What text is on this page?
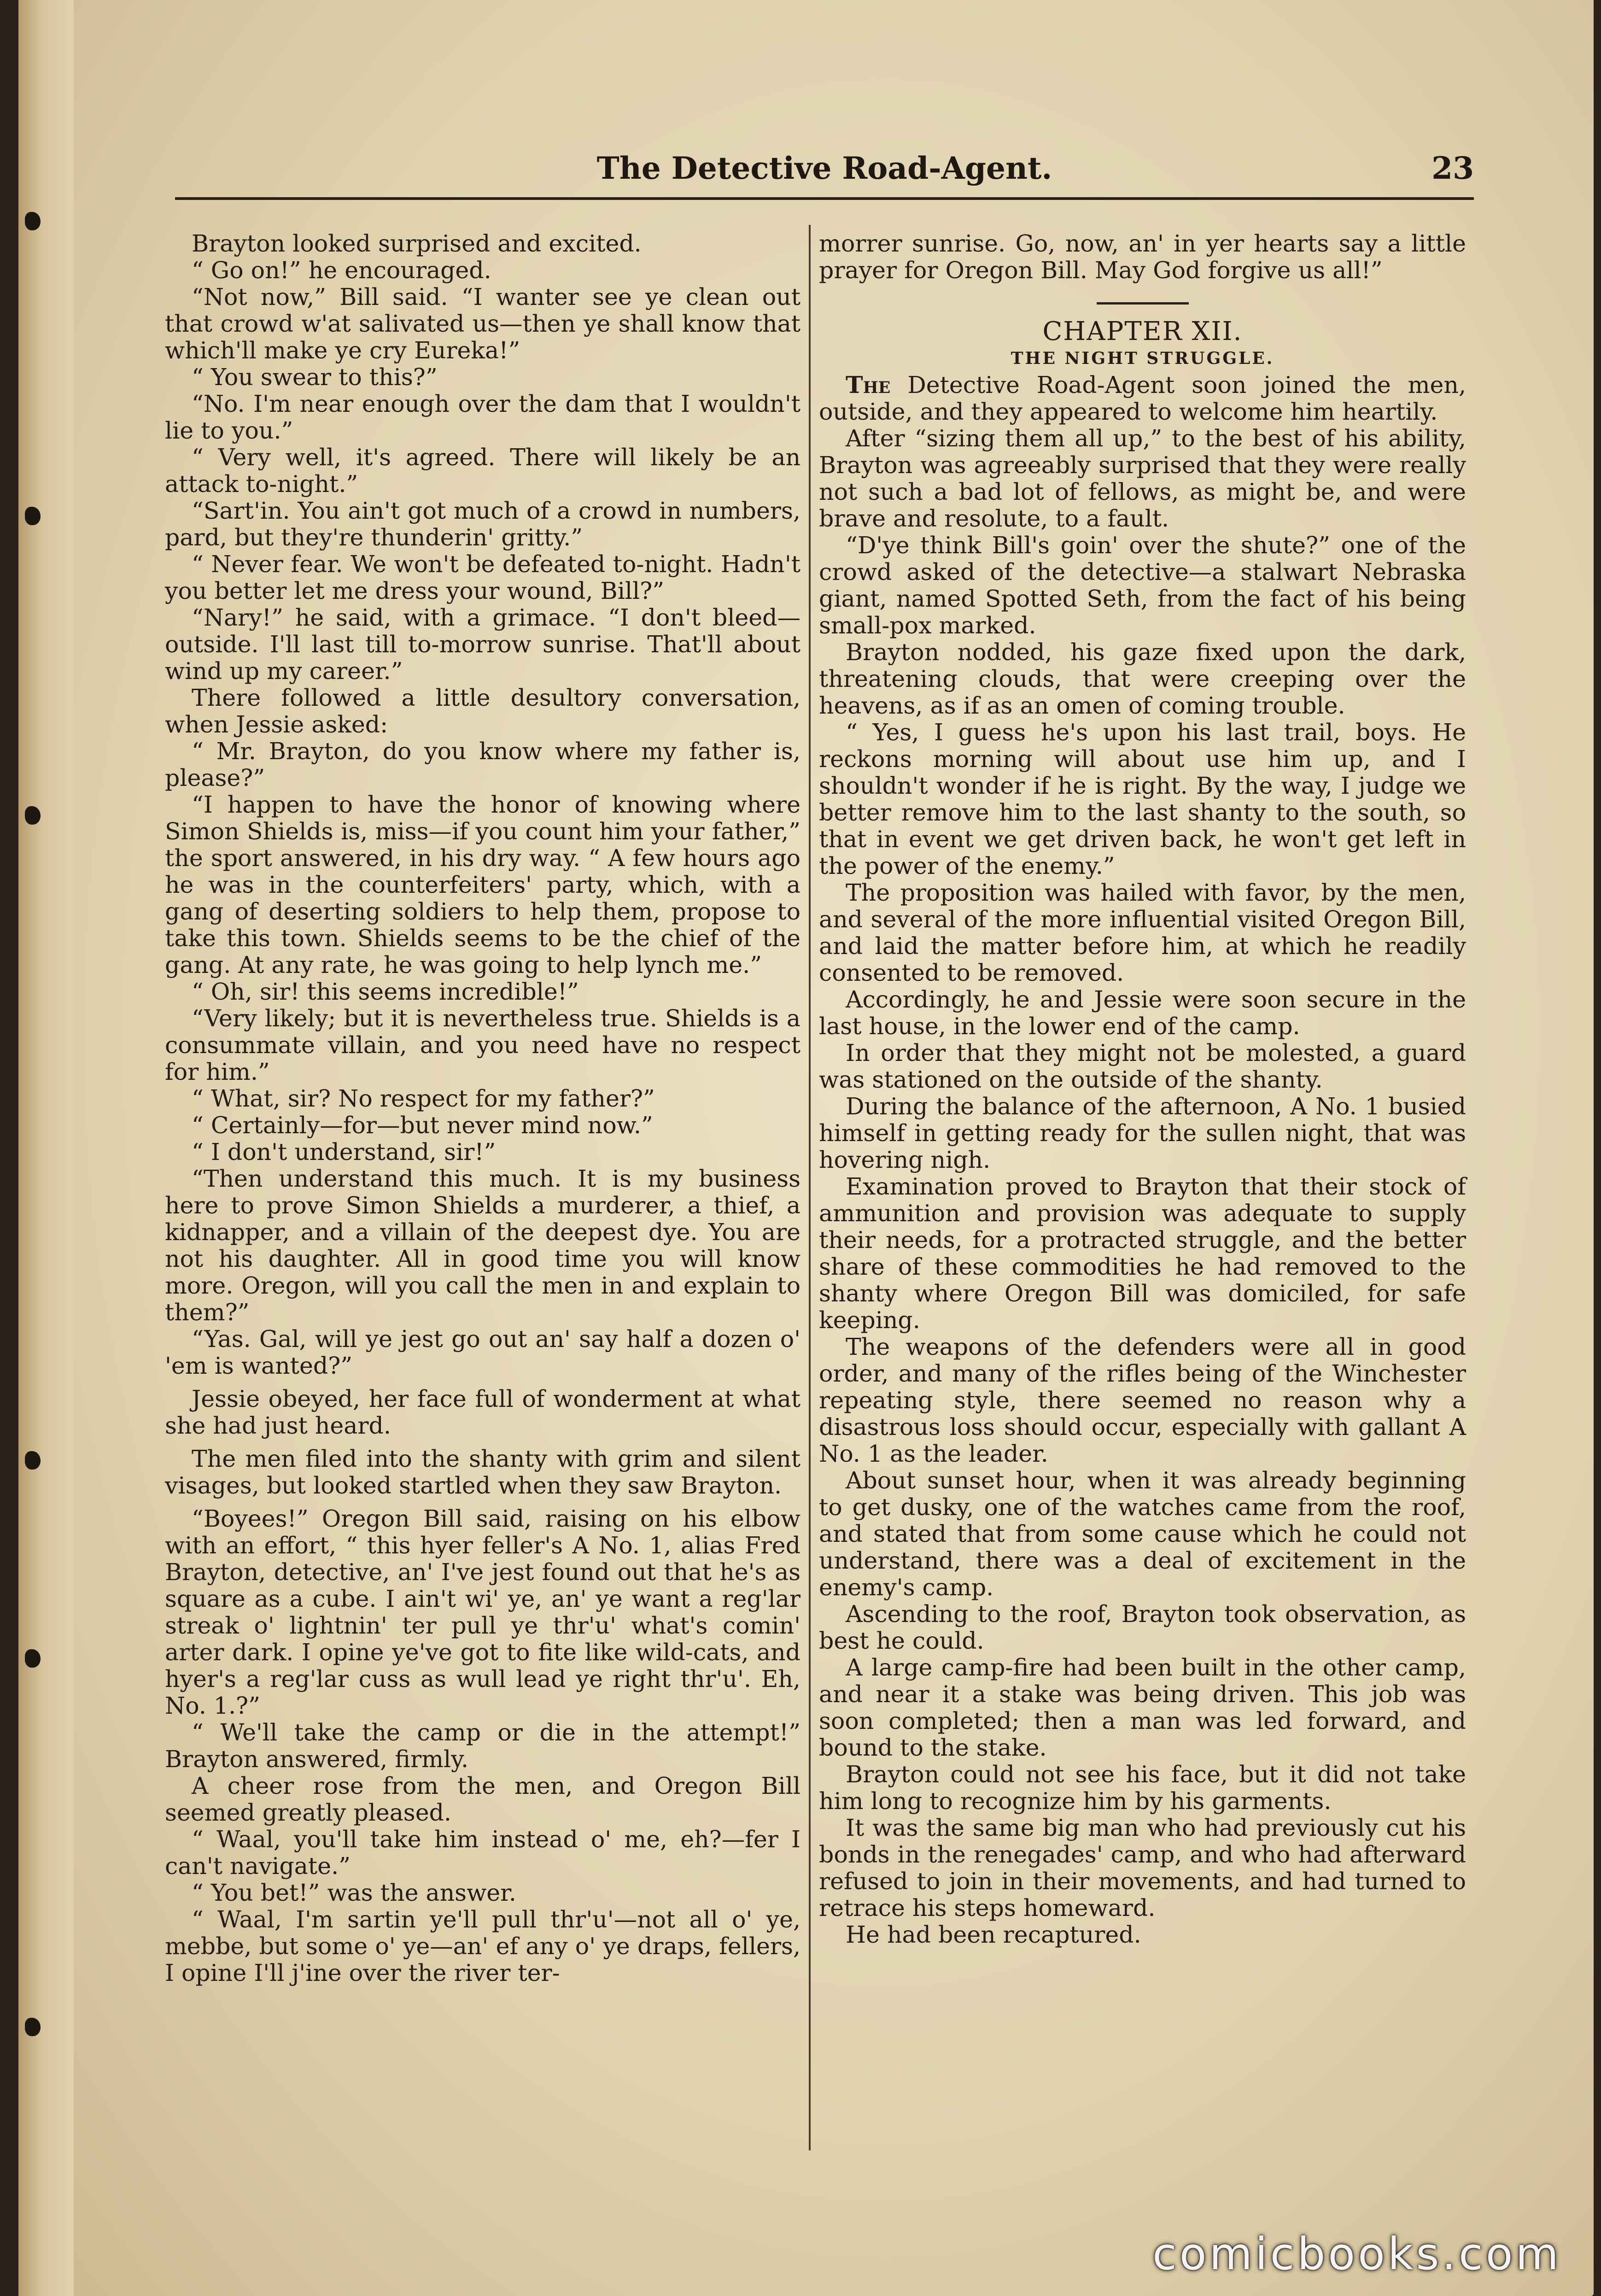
The Detective Road-Agent.	23

Brayton looked surprised and excited.

“ Go on!” he encouraged.

“Not now,” Bill said. “I wanter see ye clean out that crowd w'at salivated us—then ye shall know that which'll make ye cry Eureka!”

“ You swear to this?”

“No. I'm near enough over the dam that I wouldn't lie to you.”

“ Very well, it's agreed. There will likely be an attack to-night.”

“Sart'in. You ain't got much of a crowd in numbers, pard, but they're thunderin' gritty.”

“ Never fear. We won't be defeated to-night. Hadn't you better let me dress your wound, Bill?”

“Nary!” he said, with a grimace. “I don't bleed—outside. I'll last till to-morrow sunrise. That'll about wind up my career.”

There followed a little desultory conversation, when Jessie asked:

“ Mr. Brayton, do you know where my father is, please?”

“I happen to have the honor of knowing where Simon Shields is, miss—if you count him your father,” the sport answered, in his dry way. “ A few hours ago he was in the counterfeiters' party, which, with a gang of deserting soldiers to help them, propose to take this town. Shields seems to be the chief of the gang. At any rate, he was going to help lynch me.”

“ Oh, sir! this seems incredible!”

“Very likely; but it is nevertheless true. Shields is a consummate villain, and you need have no respect for him.”

“ What, sir? No respect for my father?”

“ Certainly—for—but never mind now.”

“ I don't understand, sir!”

“Then understand this much. It is my business here to prove Simon Shields a murderer, a thief, a kidnapper, and a villain of the deepest dye. You are not his daughter. All in good time you will know more. Oregon, will you call the men in and explain to them?”

“Yas. Gal, will ye jest go out an' say half a dozen o' 'em is wanted?”

Jessie obeyed, her face full of wonderment at what she had just heard.

The men filed into the shanty with grim and silent visages, but looked startled when they saw Brayton.

“Boyees!” Oregon Bill said, raising on his elbow with an effort, “ this hyer feller's A No. 1, alias Fred Brayton, detective, an' I've jest found out that he's as square as a cube. I ain't wi' ye, an' ye want a reg'lar streak o' lightnin' ter pull ye thr'u' what's comin' arter dark. I opine ye've got to fite like wild-cats, and hyer's a reg'lar cuss as wull lead ye right thr'u'. Eh, No. 1.?”

“ We'll take the camp or die in the attempt!” Brayton answered, firmly.

A cheer rose from the men, and Oregon Bill seemed greatly pleased.

“ Waal, you'll take him instead o' me, eh?—fer I can't navigate.”

“ You bet!” was the answer.

“ Waal, I'm sartin ye'll pull thr'u'—not all o' ye, mebbe, but some o' ye—an' ef any o' ye draps, fellers, I opine I'll j'ine over the river ter-

morrer sunrise. Go, now, an' in yer hearts say a little prayer for Oregon Bill. May God forgive us all!”

CHAPTER XII.

THE NIGHT STRUGGLE.

The Detective Road-Agent soon joined the men, outside, and they appeared to welcome him heartily.

After “sizing them all up,” to the best of his ability, Brayton was agreeably surprised that they were really not such a bad lot of fellows, as might be, and were brave and resolute, to a fault.

“D'ye think Bill's goin' over the shute?” one of the crowd asked of the detective—a stalwart Nebraska giant, named Spotted Seth, from the fact of his being small-pox marked.

Brayton nodded, his gaze fixed upon the dark, threatening clouds, that were creeping over the heavens, as if as an omen of coming trouble.

“ Yes, I guess he's upon his last trail, boys. He reckons morning will about use him up, and I shouldn't wonder if he is right. By the way, I judge we better remove him to the last shanty to the south, so that in event we get driven back, he won't get left in the power of the enemy.”

The proposition was hailed with favor, by the men, and several of the more influential visited Oregon Bill, and laid the matter before him, at which he readily consented to be removed.

Accordingly, he and Jessie were soon secure in the last house, in the lower end of the camp.

In order that they might not be molested, a guard was stationed on the outside of the shanty.

During the balance of the afternoon, A No. 1 busied himself in getting ready for the sullen night, that was hovering nigh.

Examination proved to Brayton that their stock of ammunition and provision was adequate to supply their needs, for a protracted struggle, and the better share of these commodities he had removed to the shanty where Oregon Bill was domiciled, for safe keeping.

The weapons of the defenders were all in good order, and many of the rifles being of the Winchester repeating style, there seemed no reason why a disastrous loss should occur, especially with gallant A No. 1 as the leader.

About sunset hour, when it was already beginning to get dusky, one of the watches came from the roof, and stated that from some cause which he could not understand, there was a deal of excitement in the enemy's camp.

Ascending to the roof, Brayton took observation, as best he could.

A large camp-fire had been built in the other camp, and near it a stake was being driven. This job was soon completed; then a man was led forward, and bound to the stake.

Brayton could not see his face, but it did not take him long to recognize him by his garments.

It was the same big man who had previously cut his bonds in the renegades' camp, and who had afterward refused to join in their movements, and had turned to retrace his steps homeward.

He had been recaptured.

comicbooks.com
